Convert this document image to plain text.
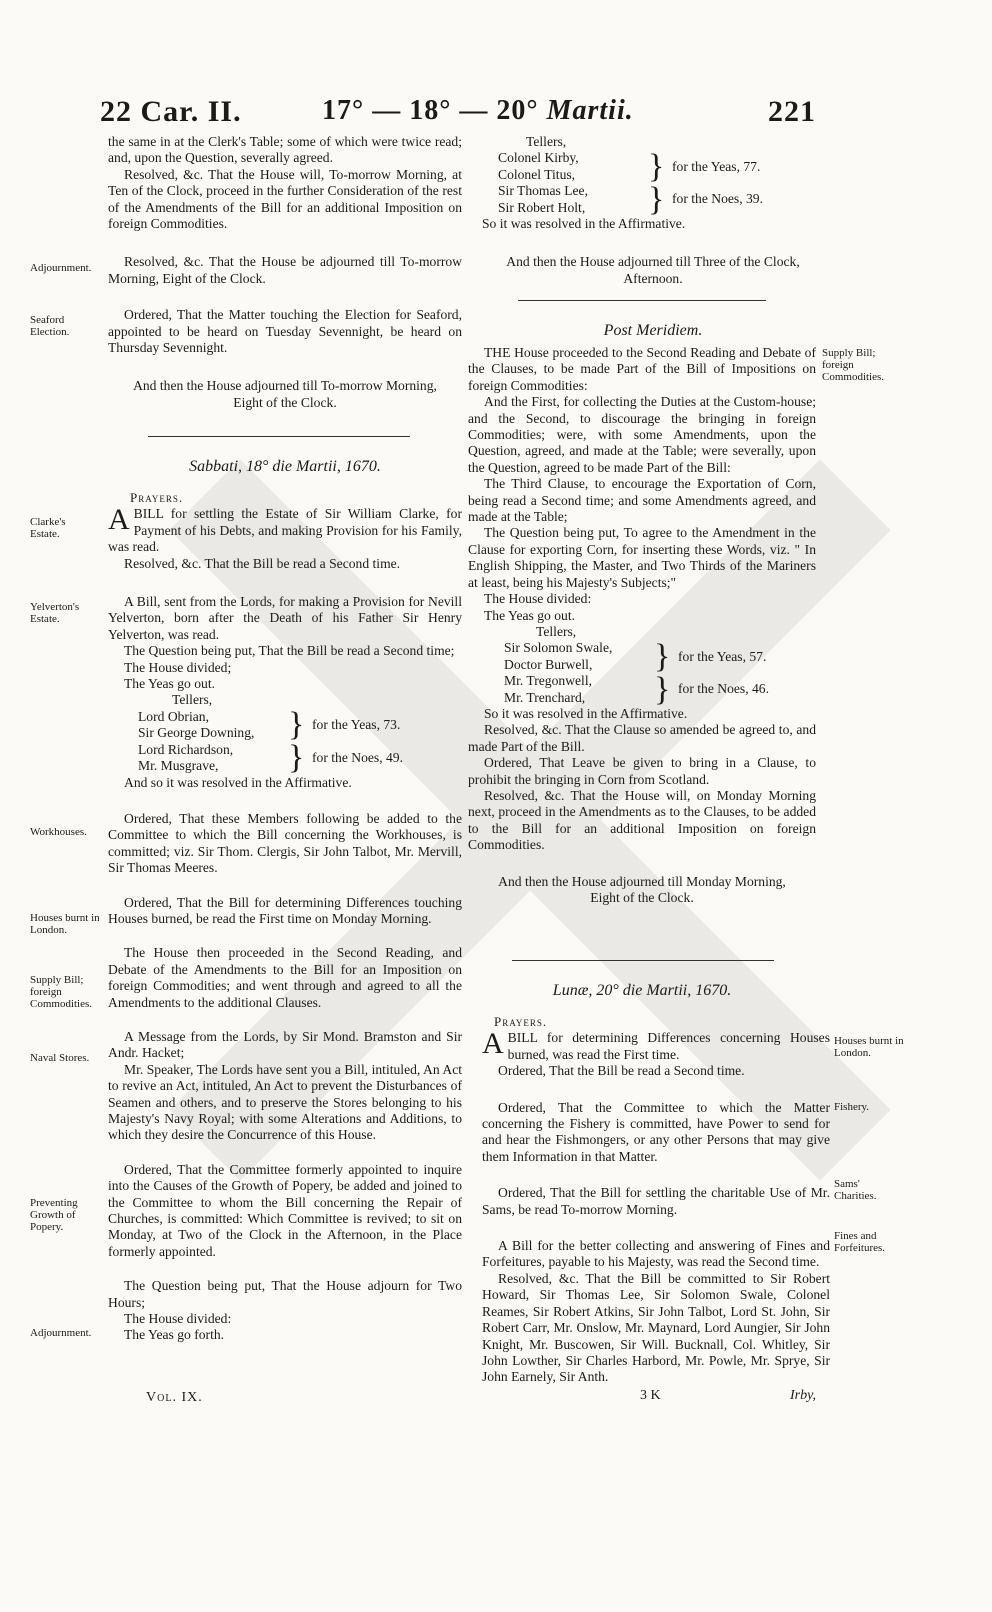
22 Car. II.	17° — 18° — 20° Martii.	221
Adjournment.
Seaford Election.
Clarke's Estate.
Yelverton's Estate.
Workhouses.
Houses burnt in London.
Supply Bill; foreign Commodities.
Naval Stores.
Preventing Growth of Popery.
Adjournment.
Supply Bill; foreign Commodities.
Houses burnt in London.
Fishery.
Sams' Charities.
Fines and Forfeitures.

the same in at the Clerk's Table; some of which were twice read; and, upon the Question, severally agreed.

Resolved, &c. That the House will, To-morrow Morning, at Ten of the Clock, proceed in the further Consideration of the rest of the Amendments of the Bill for an additional Imposition on foreign Commodities.

Resolved, &c. That the House be adjourned till To-morrow Morning, Eight of the Clock.

Ordered, That the Matter touching the Election for Seaford, appointed to be heard on Tuesday Sevennight, be heard on Thursday Sevennight.

And then the House adjourned till To-morrow Morning, Eight of the Clock.

Sabbati, 18° die Martii, 1670.

Prayers.

ABILL for settling the Estate of Sir William Clarke, for Payment of his Debts, and making Provision for his Family, was read.

Resolved, &c. That the Bill be read a Second time.

A Bill, sent from the Lords, for making a Provision for Nevill Yelverton, born after the Death of his Father Sir Henry Yelverton, was read.

The Question being put, That the Bill be read a Second time;

The House divided;

The Yeas go out.

Tellers,

Lord Obrian,
Sir George Downing, } for the Yeas, 73.
Lord Richardson,
Mr. Musgrave,	} for the Noes, 49.

And so it was resolved in the Affirmative.

Ordered, That these Members following be added to the Committee to which the Bill concerning the Workhouses, is committed; viz. Sir Thom. Clergis, Sir John Talbot, Mr. Mervill, Sir Thomas Meeres.

Ordered, That the Bill for determining Differences touching Houses burned, be read the First time on Monday Morning.

The House then proceeded in the Second Reading, and Debate of the Amendments to the Bill for an Imposition on foreign Commodities; and went through and agreed to all the Amendments to the additional Clauses.

A Message from the Lords, by Sir Mond. Bramston and Sir Andr. Hacket;

Mr. Speaker, The Lords have sent you a Bill, intituled, An Act to revive an Act, intituled, An Act to prevent the Disturbances of Seamen and others, and to preserve the Stores belonging to his Majesty's Navy Royal; with some Alterations and Additions, to which they desire the Concurrence of this House.

Ordered, That the Committee formerly appointed to inquire into the Causes of the Growth of Popery, be added and joined to the Committee to whom the Bill concerning the Repair of Churches, is committed: Which Committee is revived; to sit on Monday, at Two of the Clock in the Afternoon, in the Place formerly appointed.

The Question being put, That the House adjourn for Two Hours;

The House divided:

The Yeas go forth.

Vol. IX.

Tellers,

Colonel Kirby,
Colonel Titus,	} for the Yeas, 77.
Sir Thomas Lee,
Sir Robert Holt,	} for the Noes, 39.

So it was resolved in the Affirmative.

And then the House adjourned till Three of the Clock, Afternoon.

Post Meridiem.

THE House proceeded to the Second Reading and Debate of the Clauses, to be made Part of the Bill of Impositions on foreign Commodities:

And the First, for collecting the Duties at the Custom-house; and the Second, to discourage the bringing in foreign Commodities; were, with some Amendments, upon the Question, agreed, and made at the Table; were severally, upon the Question, agreed to be made Part of the Bill:

The Third Clause, to encourage the Exportation of Corn, being read a Second time; and some Amendments agreed, and made at the Table;

The Question being put, To agree to the Amendment in the Clause for exporting Corn, for inserting these Words, viz. " In English Shipping, the Master, and Two Thirds of the Mariners at least, being his Majesty's Subjects;"

The House divided:

The Yeas go out.

Tellers,

Sir Solomon Swale,
Doctor Burwell,	} for the Yeas, 57.
Mr. Tregonwell,
Mr. Trenchard,	} for the Noes, 46.

So it was resolved in the Affirmative.

Resolved, &c. That the Clause so amended be agreed to, and made Part of the Bill.

Ordered, That Leave be given to bring in a Clause, to prohibit the bringing in Corn from Scotland.

Resolved, &c. That the House will, on Monday Morning next, proceed in the Amendments as to the Clauses, to be added to the Bill for an additional Imposition on foreign Commodities.

And then the House adjourned till Monday Morning, Eight of the Clock.

Lunæ, 20° die Martii, 1670.

Prayers.

ABILL for determining Differences concerning Houses burned, was read the First time.

Ordered, That the Bill be read a Second time.

Ordered, That the Committee to which the Matter concerning the Fishery is committed, have Power to send for and hear the Fishmongers, or any other Persons that may give them Information in that Matter.

Ordered, That the Bill for settling the charitable Use of Mr. Sams, be read To-morrow Morning.

A Bill for the better collecting and answering of Fines and Forfeitures, payable to his Majesty, was read the Second time.

Resolved, &c. That the Bill be committed to Sir Robert Howard, Sir Thomas Lee, Sir Solomon Swale, Colonel Reames, Sir Robert Atkins, Sir John Talbot, Lord St. John, Sir Robert Carr, Mr. Onslow, Mr. Maynard, Lord Aungier, Sir John Knight, Mr. Buscowen, Sir Will. Bucknall, Col. Whitley, Sir John Lowther, Sir Charles Harbord, Mr. Powle, Mr. Sprye, Sir John Earnely, Sir Anth.

3 K	Irby,
